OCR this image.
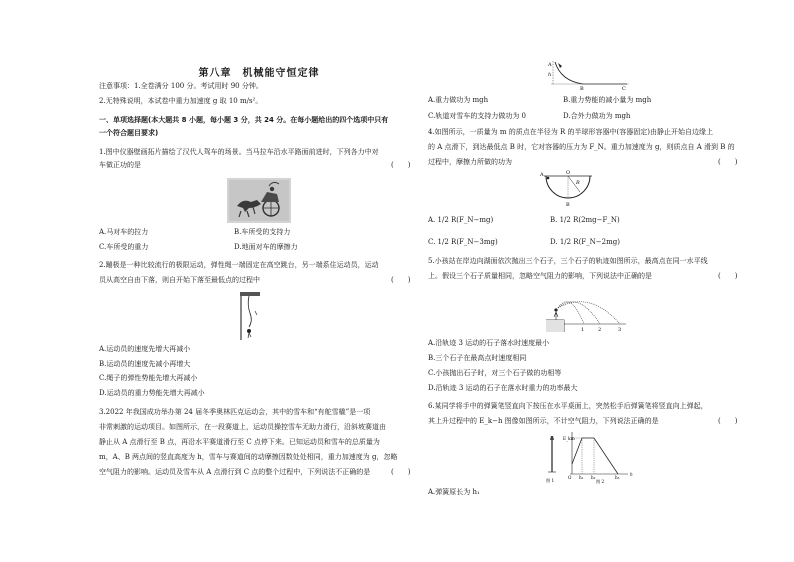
第八章　机械能守恒定律
注意事项：1.全卷满分 100 分。考试用时 90 分钟。
2.无特殊说明，本试卷中重力加速度 g 取 10 m/s²。
一、单项选择题(本大题共 8 小题，每小题 3 分，共 24 分。在每小题给出的四个选项中只有
一个符合题目要求)
1.图中仪器壁画拓片描绘了汉代人驾车的场景。当马拉车沿水平路面前进时，下列各力中对
车做正功的是	(　　)
A.马对车的拉力	B.车所受的支持力
C.车所受的重力	D.地面对车的摩擦力
2.蹦极是一种比较流行的极限运动，弹性绳一端固定在高空跳台，另一端系住运动员，运动
员从高空自由下落，则自开始下落至最低点的过程中	(　　)
A.运动员的速度先增大再减小
B.运动员的速度先减小再增大
C.绳子的弹性势能先增大再减小
D.运动员的重力势能先增大再减小
3.2022 年我国成功举办第 24 届冬季奥林匹克运动会，其中的雪车和“有舵雪橇”是一项
非常刺激的运动项目。如图所示，在一段赛道上，运动员操控雪车无助力滑行，沿斜坡赛道由
静止从 A 点滑行至 B 点，再沿水平赛道滑行至 C 点停下来。已知运动员和雪车的总质量为
m，A、B 两点间的竖直高度为 h，雪车与赛道间的动摩擦因数处处相同，重力加速度为 g，忽略
空气阻力的影响。运动员及雪车从 A 点滑行到 C 点的整个过程中，下列说法不正确的是	(　　)
A
h
B	C
A.重力做功为 mgh	B.重力势能的减小量为 mgh
C.轨道对雪车的支持力做功为 0	D.合外力做功为 mgh
4.如图所示，一质量为 m 的质点在半径为 R 的半球形容器中(容器固定)由静止开始自边缘上
的 A 点滑下，到达最低点 B 时，它对容器的压力为 F_N。重力加速度为 g，则质点自 A 滑到 B 的
过程中，摩擦力所做的功为	(　　)
A	O
R
B
A. 1/2 R(F_N−mg)	B. 1/2 R(2mg−F_N)
C. 1/2 R(F_N−3mg)	D. 1/2 R(F_N−2mg)
5.小孩站在岸边向湖面依次抛出三个石子，三个石子的轨迹如图所示，最高点在同一水平线
上。假设三个石子质量相同，忽略空气阻力的影响，下列说法中正确的是	(　　)
1	2	3
A.沿轨迹 3 运动的石子落水时速度最小
B.三个石子在最高点时速度相同
C.小孩抛出石子时，对三个石子做的功相等
D.沿轨迹 3 运动的石子在落水时重力的功率最大
6.某同学将手中的弹簧笔竖直向下按压在水平桌面上，突然松手后弹簧笔将竖直向上弹起，
其上升过程中的 E_k−h 图像如图所示，不计空气阻力，下列说法正确的是	(　　)
E_km
O h₁ h₂	h₃
h
图 1	图 2
A.弹簧原长为 h₁
